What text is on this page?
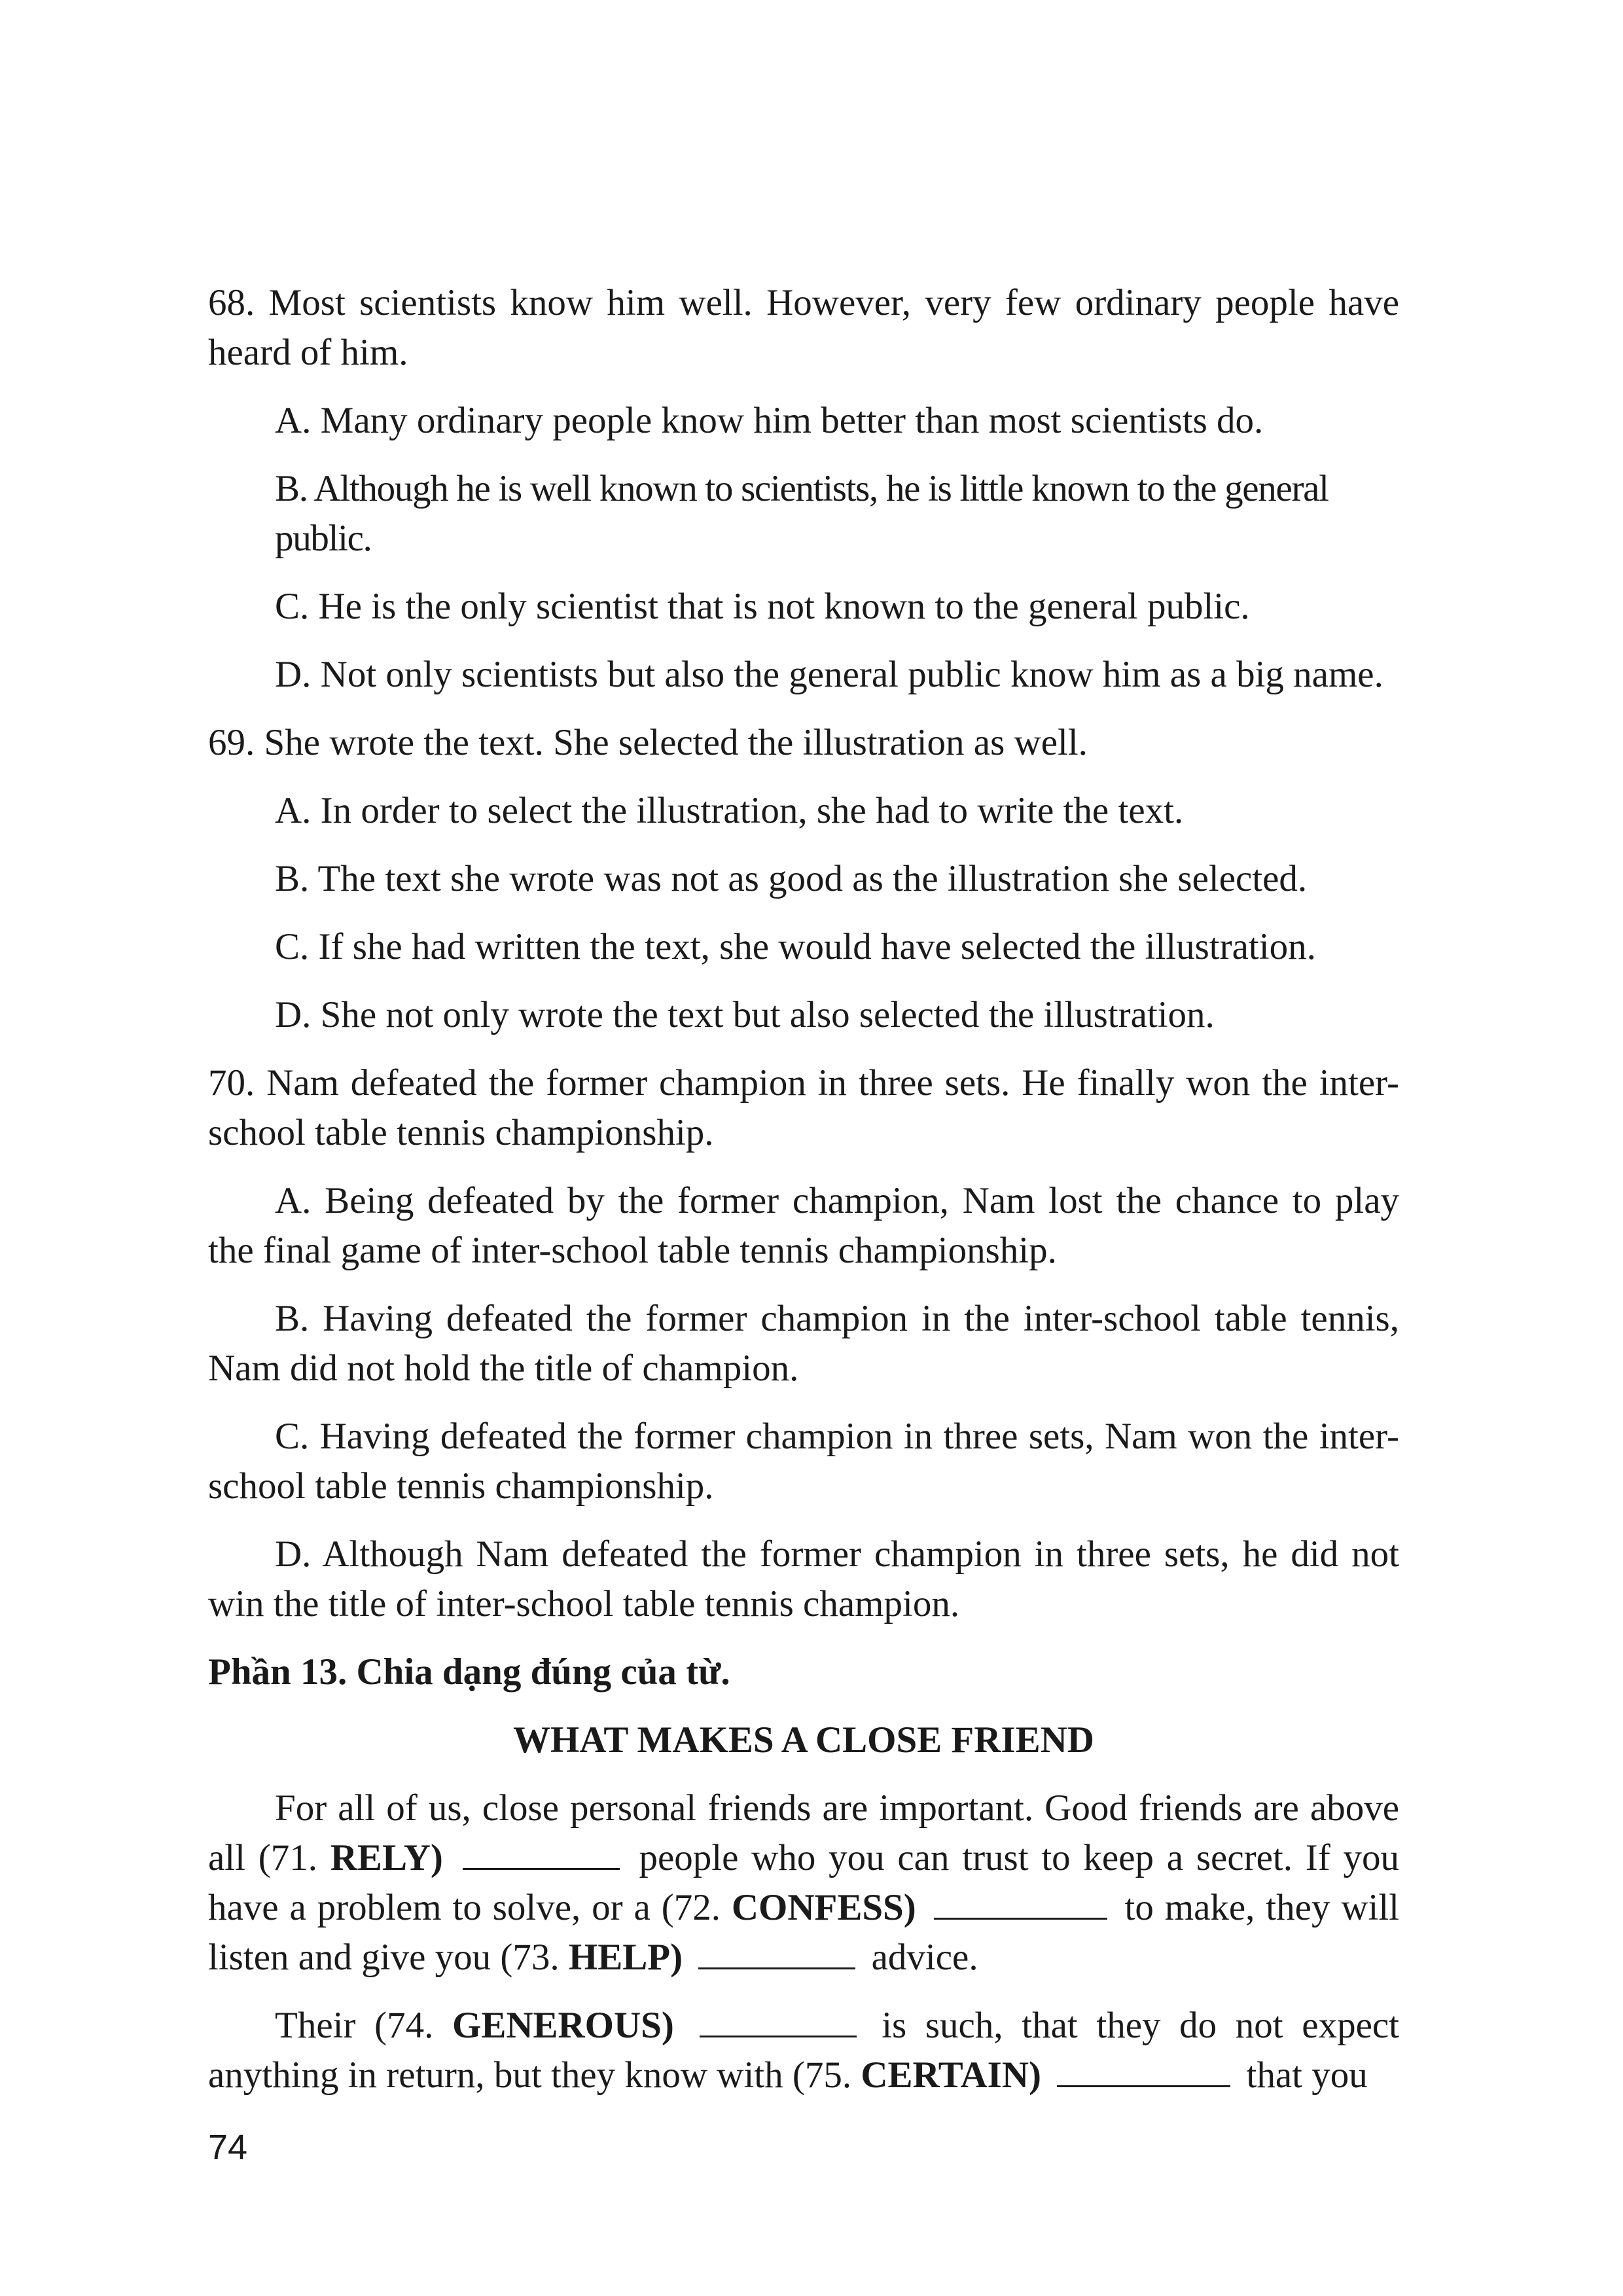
68. Most scientists know him well. However, very few ordinary people have heard of him.

A. Many ordinary people know him better than most scientists do.

B. Although he is well known to scientists, he is little known to the general public.

C. He is the only scientist that is not known to the general public.

D. Not only scientists but also the general public know him as a big name.

69. She wrote the text. She selected the illustration as well.

A. In order to select the illustration, she had to write the text.

B. The text she wrote was not as good as the illustration she selected.

C. If she had written the text, she would have selected the illustration.

D. She not only wrote the text but also selected the illustration.

70. Nam defeated the former champion in three sets. He finally won the inter-school table tennis championship.

A. Being defeated by the former champion, Nam lost the chance to play the final game of inter-school table tennis championship.

B. Having defeated the former champion in the inter-school table tennis, Nam did not hold the title of champion.

C. Having defeated the former champion in three sets, Nam won the inter-school table tennis championship.

D. Although Nam defeated the former champion in three sets, he did not win the title of inter-school table tennis champion.

Phần 13. Chia dạng đúng của từ.

WHAT MAKES A CLOSE FRIEND

For all of us, close personal friends are important. Good friends are above all (71. RELY)	people who you can trust to keep a secret. If you have a problem to solve, or a (72. CONFESS)	to make, they will listen and give you (73. HELP)	advice.

Their (74. GENEROUS)	is such, that they do not expect anything in return, but they know with (75. CERTAIN)	that you

74
